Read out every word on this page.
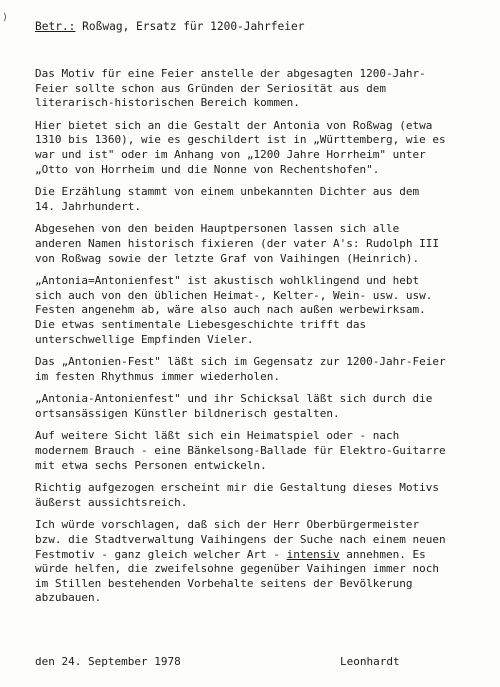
)
Betr.: Roßwag, Ersatz für 1200-Jahrfeier

Das Motiv für eine Feier anstelle der abgesagten 1200-Jahr-
Feier sollte schon aus Gründen der Seriosität aus dem
literarisch-historischen Bereich kommen.

Hier bietet sich an die Gestalt der Antonia von Roßwag (etwa
1310 bis 1360), wie es geschildert ist in „Württemberg, wie es
war und ist" oder im Anhang von „1200 Jahre Horrheim" unter
„Otto von Horrheim und die Nonne von Rechentshofen".

Die Erzählung stammt von einem unbekannten Dichter aus dem
14. Jahrhundert.

Abgesehen von den beiden Hauptpersonen lassen sich alle
anderen Namen historisch fixieren (der vater A's: Rudolph III
von Roßwag sowie der letzte Graf von Vaihingen (Heinrich).

„Antonia=Antonienfest" ist akustisch wohlklingend und hebt
sich auch von den üblichen Heimat-, Kelter-, Wein- usw. usw.
Festen angenehm ab, wäre also auch nach außen werbewirksam.
Die etwas sentimentale Liebesgeschichte trifft das
unterschwellige Empfinden Vieler.

Das „Antonien-Fest" läßt sich im Gegensatz zur 1200-Jahr-Feier
im festen Rhythmus immer wiederholen.

„Antonia-Antonienfest" und ihr Schicksal läßt sich durch die
ortsansässigen Künstler bildnerisch gestalten.

Auf weitere Sicht läßt sich ein Heimatspiel oder - nach
modernem Brauch - eine Bänkelsong-Ballade für Elektro-Guitarre
mit etwa sechs Personen entwickeln.

Richtig aufgezogen erscheint mir die Gestaltung dieses Motivs
äußerst aussichtsreich.

Ich würde vorschlagen, daß sich der Herr Oberbürgermeister
bzw. die Stadtverwaltung Vaihingens der Suche nach einem neuen
Festmotiv - ganz gleich welcher Art - intensiv annehmen. Es
würde helfen, die zweifelsohne gegenüber Vaihingen immer noch
im Stillen bestehenden Vorbehalte seitens der Bevölkerung
abzubauen.

den 24. September 1978	Leonhardt
